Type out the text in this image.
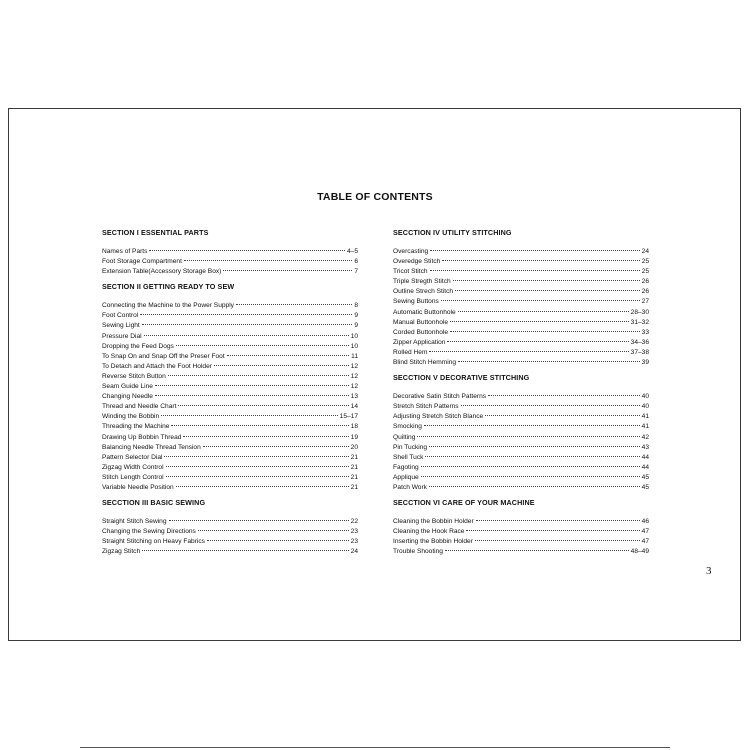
TABLE OF CONTENTS
SECTION I ESSENTIAL PARTS
Names of Parts	4–5
Foot Storage Compartment	6
Extension Table(Accessory Storage Box)	7
SECTION II GETTING READY TO SEW
Connecting the Machine to the Power Supply	8
Foot Control	9
Sewing Light	9
Pressure Dial	10
Dropping the Feed Dogs	10
To Snap On and Snap Off the Preser Foot	11
To Detach and Attach the Foot Holder	12
Reverse Stitch Button	12
Seam Guide Line	12
Changing Needle	13
Thread and Needle Chart	14
Winding the Bobbin	15–17
Threading the Machine	18
Drawing Up Bobbin Thread	19
Balancing Needle Thread Tension	20
Pattern Selector Dial	21
Zigzag Width Control	21
Stitch Length Control	21
Variable Needle Position	21
SECCTION III BASIC SEWING
Straight Stitch Sewing	22
Changing the Sewing Directions	23
Straight Stitching on Heavy Fabrics	23
Zigzag Stitch	24
SECCTION IV UTILITY STITCHING
Overcasting	24
Overedge Stitch	25
Tricot Stitch	25
Triple Stregth Stitch	26
Outline Strech Stitch	26
Sewing Buttons	27
Automatic Buttonhole	28–30
Manual Buttonhole	31–32
Corded Buttonhole	33
Zipper Application	34–36
Rolled Hem	37–38
Blind Stitch Hemming	39
SECCTION V DECORATIVE STITCHING
Decorative Satin Stitch Patterns	40
Stretch Stitch Patterns	40
Adjusting Stretch Stitch Blance	41
Smocking	41
Quilting	42
Pin Tucking	43
Shell Tuck	44
Fagoting	44
Applique	45
Patch Work	45
SECCTION VI CARE OF YOUR MACHINE
Cleaning the Bobbin Holder	46
Cleaning the Hook Race	47
Inserting the Bobbin Holder	47
Trouble Shooting	48–49
3
